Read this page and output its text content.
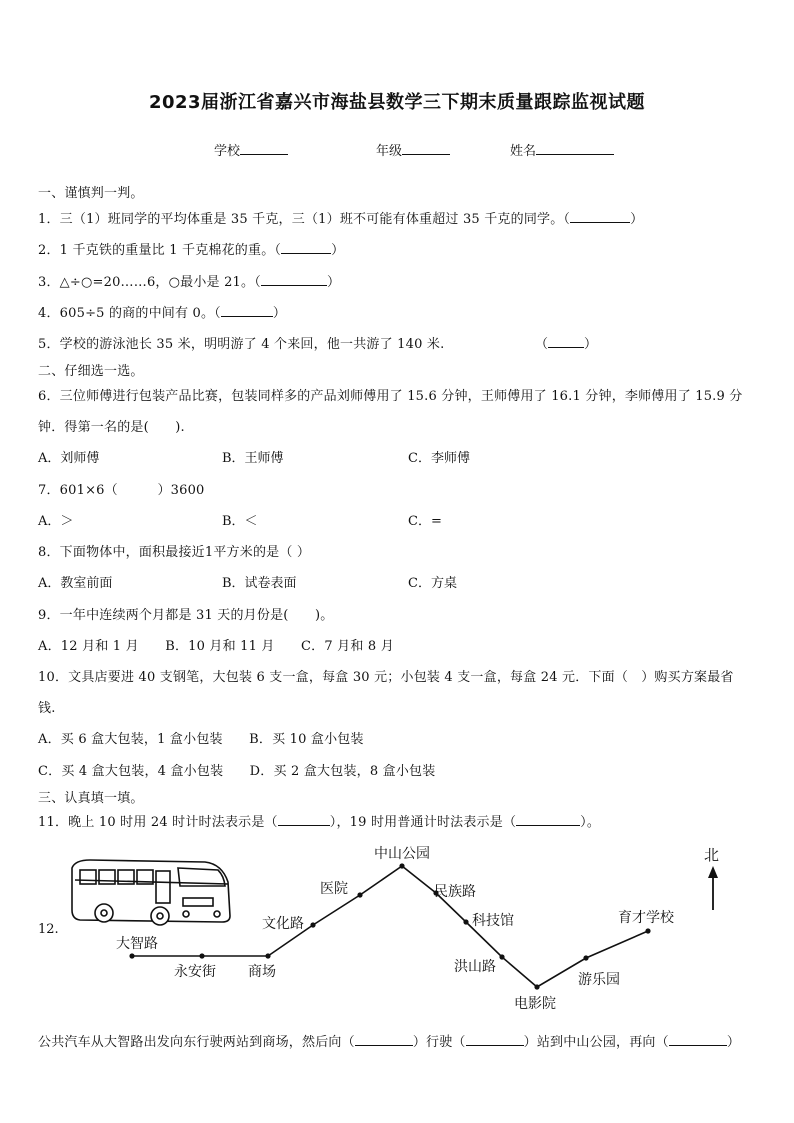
2023届浙江省嘉兴市海盐县数学三下期末质量跟踪监视试题
学校	年级	姓名
一、谨慎判一判。
1．三（1）班同学的平均体重是 35 千克，三（1）班不可能有体重超过 35 千克的同学。（	）
2．1 千克铁的重量比 1 千克棉花的重。（	）
3．△÷○=20……6，○最小是 21。（	）
4．605÷5 的商的中间有 0。（	）
5．学校的游泳池长 35 米，明明游了 4 个来回，他一共游了 140 米.	（	）
二、仔细选一选。
6．三位师傅进行包装产品比赛，包装同样多的产品刘师傅用了 15.6 分钟，王师傅用了 16.1 分钟，李师傅用了 15.9 分
钟．得第一名的是(　　).
A．刘师傅	B．王师傅	C．李师傅
7．601×6（　　　）3600
A．＞	B．＜	C．=
8．下面物体中，面积最接近1平方米的是（ ）
A．教室前面	B．试卷表面	C．方桌
9．一年中连续两个月都是 31 天的月份是(　　)。
A．12 月和 1 月　　B．10 月和 11 月　　C．7 月和 8 月
10．文具店要进 40 支钢笔，大包装 6 支一盒，每盒 30 元；小包装 4 支一盒，每盒 24 元．下面（　）购买方案最省
钱.
A．买 6 盒大包装，1 盒小包装　　B．买 10 盒小包装
C．买 4 盒大包装，4 盒小包装　　D．买 2 盒大包装，8 盒小包装
三、认真填一填。
11．晚上 10 时用 24 时计时法表示是（	），19 时用普通计时法表示是（	）。
12.
大智路
永安街 商场
文化路
医院
中山公园
民族路
科技馆
洪山路
电影院
游乐园
育才学校
北
公共汽车从大智路出发向东行驶两站到商场，然后向（	）行驶（	）站到中山公园，再向（	）
